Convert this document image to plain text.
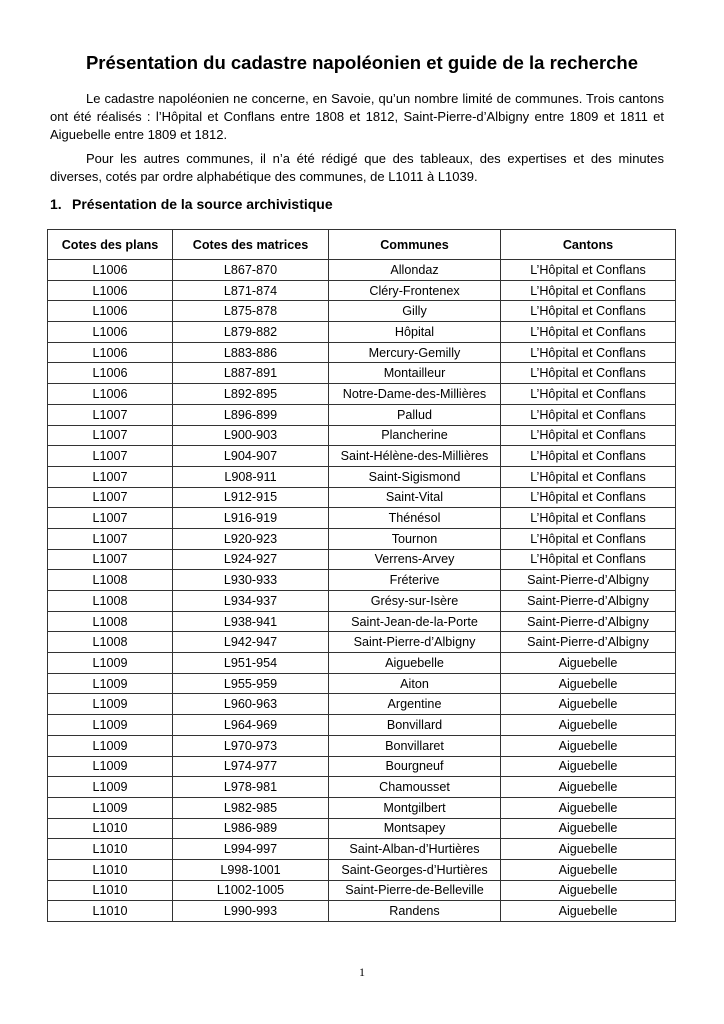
Présentation du cadastre napoléonien et guide de la recherche

Le cadastre napoléonien ne concerne, en Savoie, qu’un nombre limité de communes. Trois cantons ont été réalisés : l’Hôpital et Conflans entre 1808 et 1812, Saint-Pierre-d’Albigny entre 1809 et 1811 et Aiguebelle entre 1809 et 1812.

Pour les autres communes, il n’a été rédigé que des tableaux, des expertises et des minutes diverses, cotés par ordre alphabétique des communes, de L1011 à L1039.

1. Présentation de la source archivistique
Cotes des plans	Cotes des matrices	Communes	Cantons
L1006	L867-870	Allondaz	L’Hôpital et Conflans
L1006	L871-874	Cléry-Frontenex	L’Hôpital et Conflans
L1006	L875-878	Gilly	L’Hôpital et Conflans
L1006	L879-882	Hôpital	L’Hôpital et Conflans
L1006	L883-886	Mercury-Gemilly	L’Hôpital et Conflans
L1006	L887-891	Montailleur	L’Hôpital et Conflans
L1006	L892-895	Notre-Dame-des-Millières	L’Hôpital et Conflans
L1007	L896-899	Pallud	L’Hôpital et Conflans
L1007	L900-903	Plancherine	L’Hôpital et Conflans
L1007	L904-907	Saint-Hélène-des-Millières	L’Hôpital et Conflans
L1007	L908-911	Saint-Sigismond	L’Hôpital et Conflans
L1007	L912-915	Saint-Vital	L’Hôpital et Conflans
L1007	L916-919	Thénésol	L’Hôpital et Conflans
L1007	L920-923	Tournon	L’Hôpital et Conflans
L1007	L924-927	Verrens-Arvey	L’Hôpital et Conflans
L1008	L930-933	Fréterive	Saint-Pierre-d’Albigny
L1008	L934-937	Grésy-sur-Isère	Saint-Pierre-d’Albigny
L1008	L938-941	Saint-Jean-de-la-Porte	Saint-Pierre-d’Albigny
L1008	L942-947	Saint-Pierre-d’Albigny	Saint-Pierre-d’Albigny
L1009	L951-954	Aiguebelle	Aiguebelle
L1009	L955-959	Aiton	Aiguebelle
L1009	L960-963	Argentine	Aiguebelle
L1009	L964-969	Bonvillard	Aiguebelle
L1009	L970-973	Bonvillaret	Aiguebelle
L1009	L974-977	Bourgneuf	Aiguebelle
L1009	L978-981	Chamousset	Aiguebelle
L1009	L982-985	Montgilbert	Aiguebelle
L1010	L986-989	Montsapey	Aiguebelle
L1010	L994-997	Saint-Alban-d’Hurtières	Aiguebelle
L1010	L998-1001	Saint-Georges-d’Hurtières	Aiguebelle
L1010	L1002-1005	Saint-Pierre-de-Belleville	Aiguebelle
L1010	L990-993	Randens	Aiguebelle

1
